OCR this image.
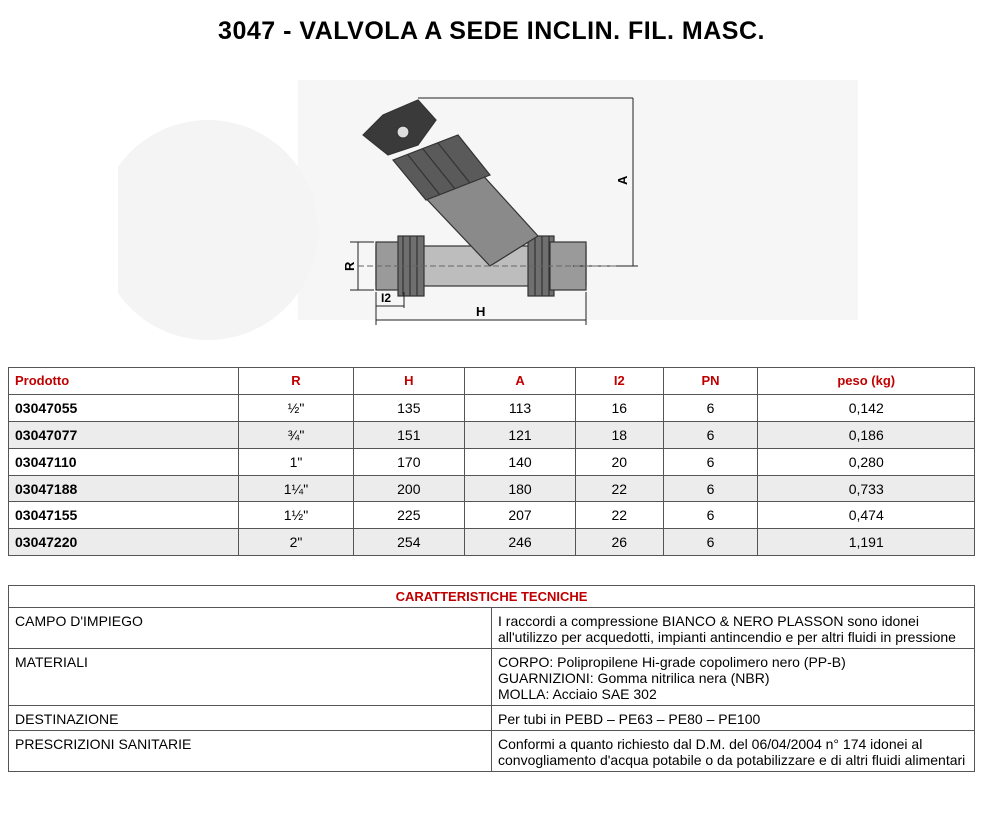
3047 - VALVOLA A SEDE INCLIN. FIL. MASC.
A
R
I2
H
Prodotto	R	H	A	I2	PN	peso (kg)
03047055	½"	135	113	16	6	0,142
03047077	¾"	151	121	18	6	0,186
03047110	1"	170	140	20	6	0,280
03047188	1¼"	200	180	22	6	0,733
03047155	1½"	225	207	22	6	0,474
03047220	2"	254	246	26	6	1,191
CARATTERISTICHE TECNICHE	
CAMPO D'IMPIEGO	I raccordi a compressione BIANCO & NERO PLASSON sono idonei all'utilizzo per acquedotti, impianti antincendio e per altri fluidi in pressione

MATERIALI	CORPO: Polipropilene Hi-grade copolimero nero (PP-B)
GUARNIZIONI: Gomma nitrilica nera (NBR)
MOLLA: Acciaio SAE 302

DESTINAZIONE	Per tubi in PEBD – PE63 – PE80 – PE100

PRESCRIZIONI SANITARIE	Conformi a quanto richiesto dal D.M. del 06/04/2004 n° 174 idonei al convogliamento d'acqua potabile o da potabilizzare e di altri fluidi alimentari
